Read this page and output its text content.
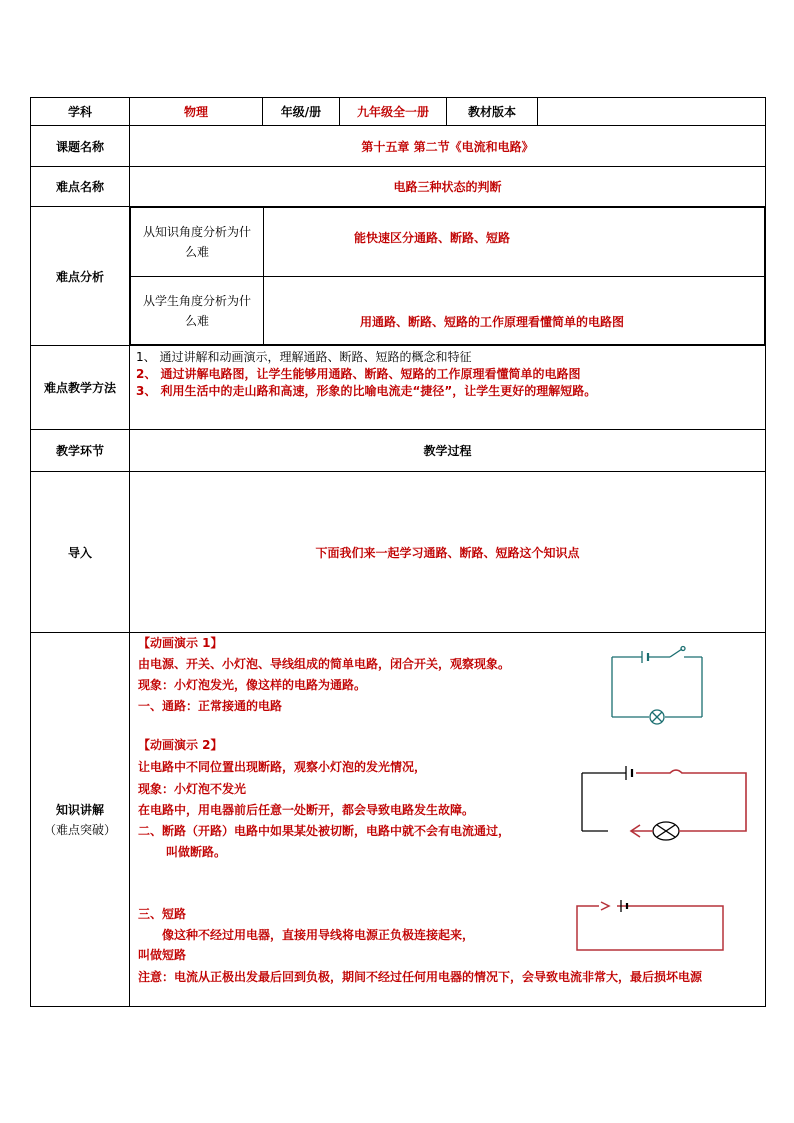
学科	物理	年级/册	九年级全一册	教材版本	
课题名称	第十五章 第二节《电流和电路》
难点名称	电路三种状态的判断
难点分析	
从知识角度分析为什么难	能快速区分通路、断路、短路
从学生角度分析为什么难	用通路、断路、短路的工作原理看懂简单的电路图

难点教学方法	

1、 通过讲解和动画演示，理解通路、断路、短路的概念和特征

2、 通过讲解电路图，让学生能够用通路、断路、短路的工作原理看懂简单的电路图

3、 利用生活中的走山路和高速，形象的比喻电流走“捷径”，让学生更好的理解短路。

教学环节	教学过程
导入	下面我们来一起学习通路、断路、短路这个知识点

知识讲解
（难点突破）

【动画演示 1】

由电源、开关、小灯泡、导线组成的简单电路，闭合开关，观察现象。

现象：小灯泡发光，像这样的电路为通路。

一、通路：正常接通的电路

【动画演示 2】

让电路中不同位置出现断路，观察小灯泡的发光情况，

现象：小灯泡不发光

在电路中，用电器前后任意一处断开，都会导致电路发生故障。

二、断路（开路）电路中如果某处被切断，电路中就不会有电流通过，

叫做断路。

三、短路

像这种不经过用电器，直接用导线将电源正负极连接起来，

叫做短路

注意：电流从正极出发最后回到负极，期间不经过任何用电器的情况下，会导致电流非常大，最后损坏电源
